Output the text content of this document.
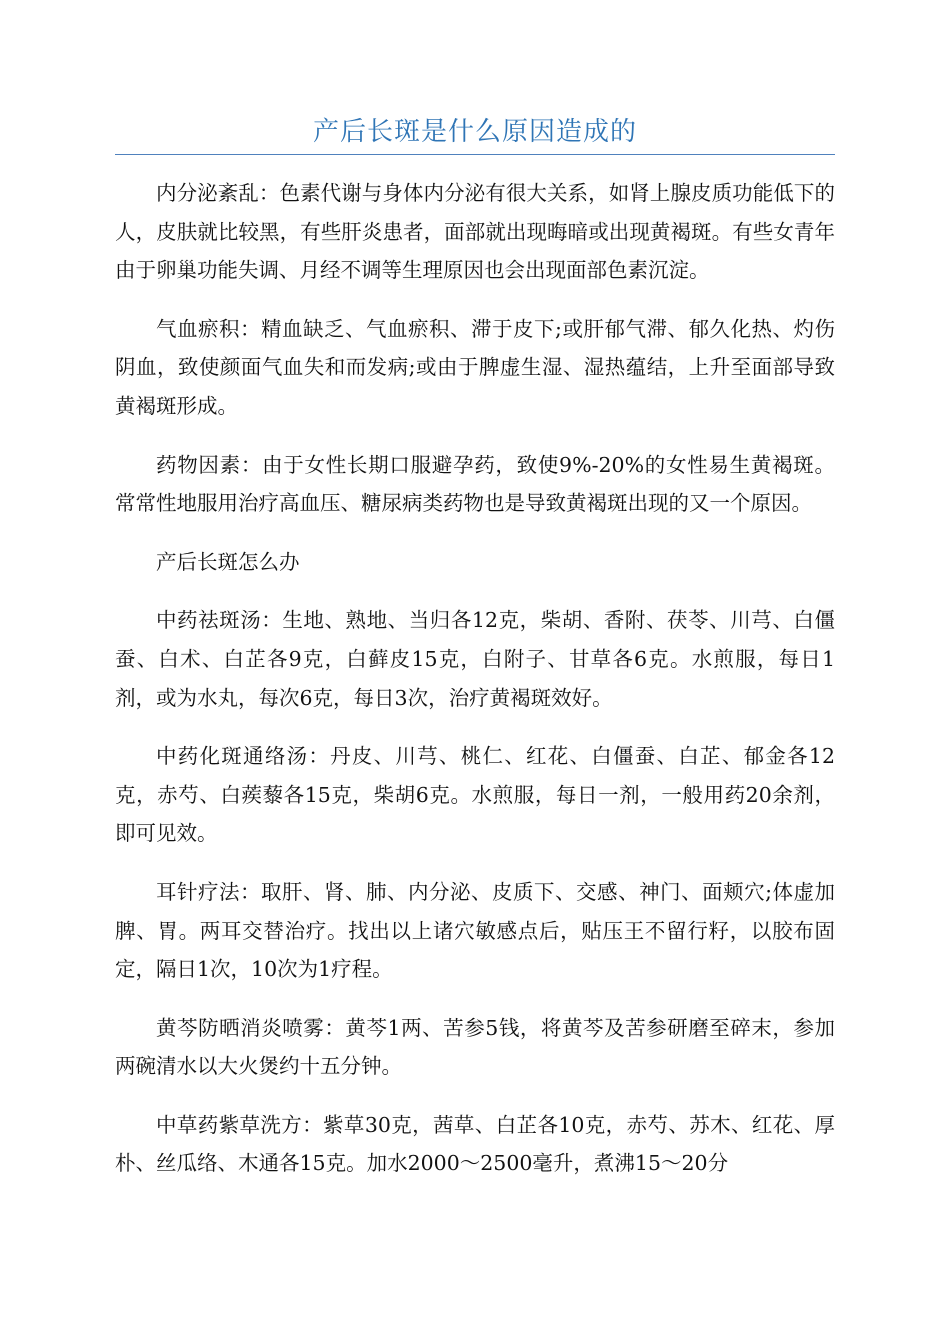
产后长斑是什么原因造成的

内分泌紊乱：色素代谢与身体内分泌有很大关系，如肾上腺皮质功能低下的人，皮肤就比较黑，有些肝炎患者，面部就出现晦暗或出现黄褐斑。有些女青年由于卵巢功能失调、月经不调等生理原因也会出现面部色素沉淀。

气血瘀积：精血缺乏、气血瘀积、滞于皮下;或肝郁气滞、郁久化热、灼伤阴血，致使颜面气血失和而发病;或由于脾虚生湿、湿热蕴结，上升至面部导致黄褐斑形成。

药物因素：由于女性长期口服避孕药，致使9%-20%的女性易生黄褐斑。常常性地服用治疗高血压、糖尿病类药物也是导致黄褐斑出现的又一个原因。

产后长斑怎么办

中药祛斑汤：生地、熟地、当归各12克，柴胡、香附、茯苓、川芎、白僵蚕、白术、白芷各9克，白藓皮15克，白附子、甘草各6克。水煎服，每日1剂，或为水丸，每次6克，每日3次，治疗黄褐斑效好。

中药化斑通络汤：丹皮、川芎、桃仁、红花、白僵蚕、白芷、郁金各12克，赤芍、白蒺藜各15克，柴胡6克。水煎服，每日一剂，一般用药20余剂，即可见效。

耳针疗法：取肝、肾、肺、内分泌、皮质下、交感、神门、面颊穴;体虚加脾、胃。两耳交替治疗。找出以上诸穴敏感点后，贴压王不留行籽，以胶布固定，隔日1次，10次为1疗程。

黄芩防晒消炎喷雾：黄芩1两、苦参5钱，将黄芩及苦参研磨至碎末，参加两碗清水以大火煲约十五分钟。

中草药紫草洗方：紫草30克，茜草、白芷各10克，赤芍、苏木、红花、厚朴、丝瓜络、木通各15克。加水2000～2500毫升，煮沸15～20分
